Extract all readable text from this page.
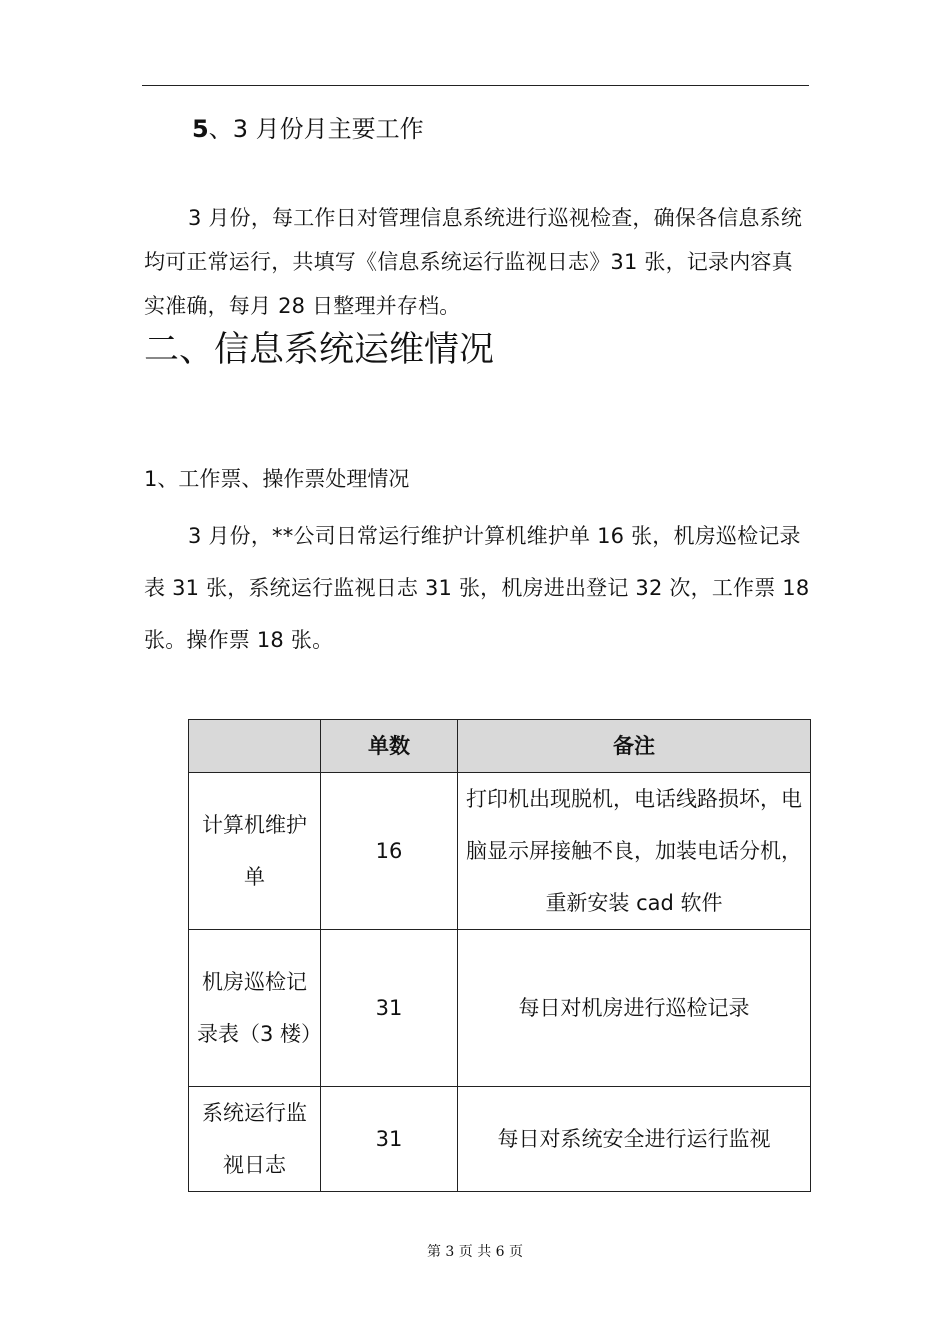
5、3 月份月主要工作
3 月份，每工作日对管理信息系统进行巡视检查，确保各信息系统均可正常运行，共填写《信息系统运行监视日志》31 张，记录内容真实准确，每月 28 日整理并存档。
二、信息系统运维情况
1、工作票、操作票处理情况
3 月份，**公司日常运行维护计算机维护单 16 张，机房巡检记录表 31 张，系统运行监视日志 31 张，机房进出登记 32 次，工作票 18 张。操作票 18 张。
	单数	备注
计算机维护单	16	打印机出现脱机，电话线路损坏，电脑显示屏接触不良，加装电话分机，重新安装 cad 软件
机房巡检记录表（3 楼）	31	每日对机房进行巡检记录
系统运行监视日志	31	每日对系统安全进行运行监视
第 3 页 共 6 页
